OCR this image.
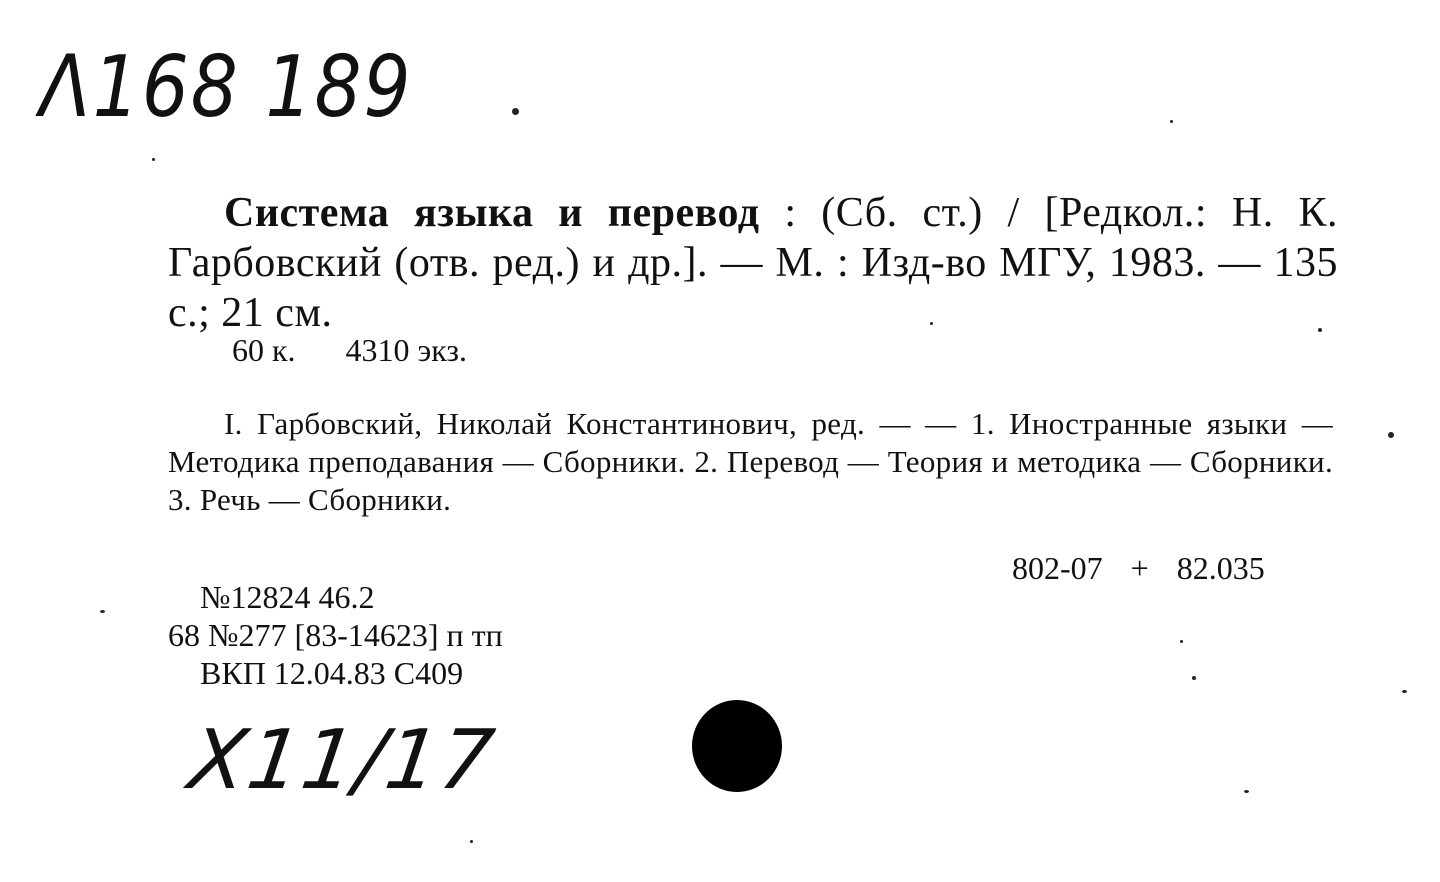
Λ168 189
Система языка и перевод : (Сб. ст.) / [Редкол.: Н. К. Гарбовский (отв. ред.) и др.]. — М. : Изд-во МГУ, 1983. — 135 с.; 21 см.
60 к. 4310 экз.
I. Гарбовский, Николай Константинович, ред. — — 1. Иностранные языки — Методика преподавания — Сборники. 2. Перевод — Теория и методика — Сборники. 3. Речь — Сборники.
802-07 + 82.035
№12824 46.2
68 №277 [83-14623] п тп
ВКП 12.04.83 С409
X11/17
